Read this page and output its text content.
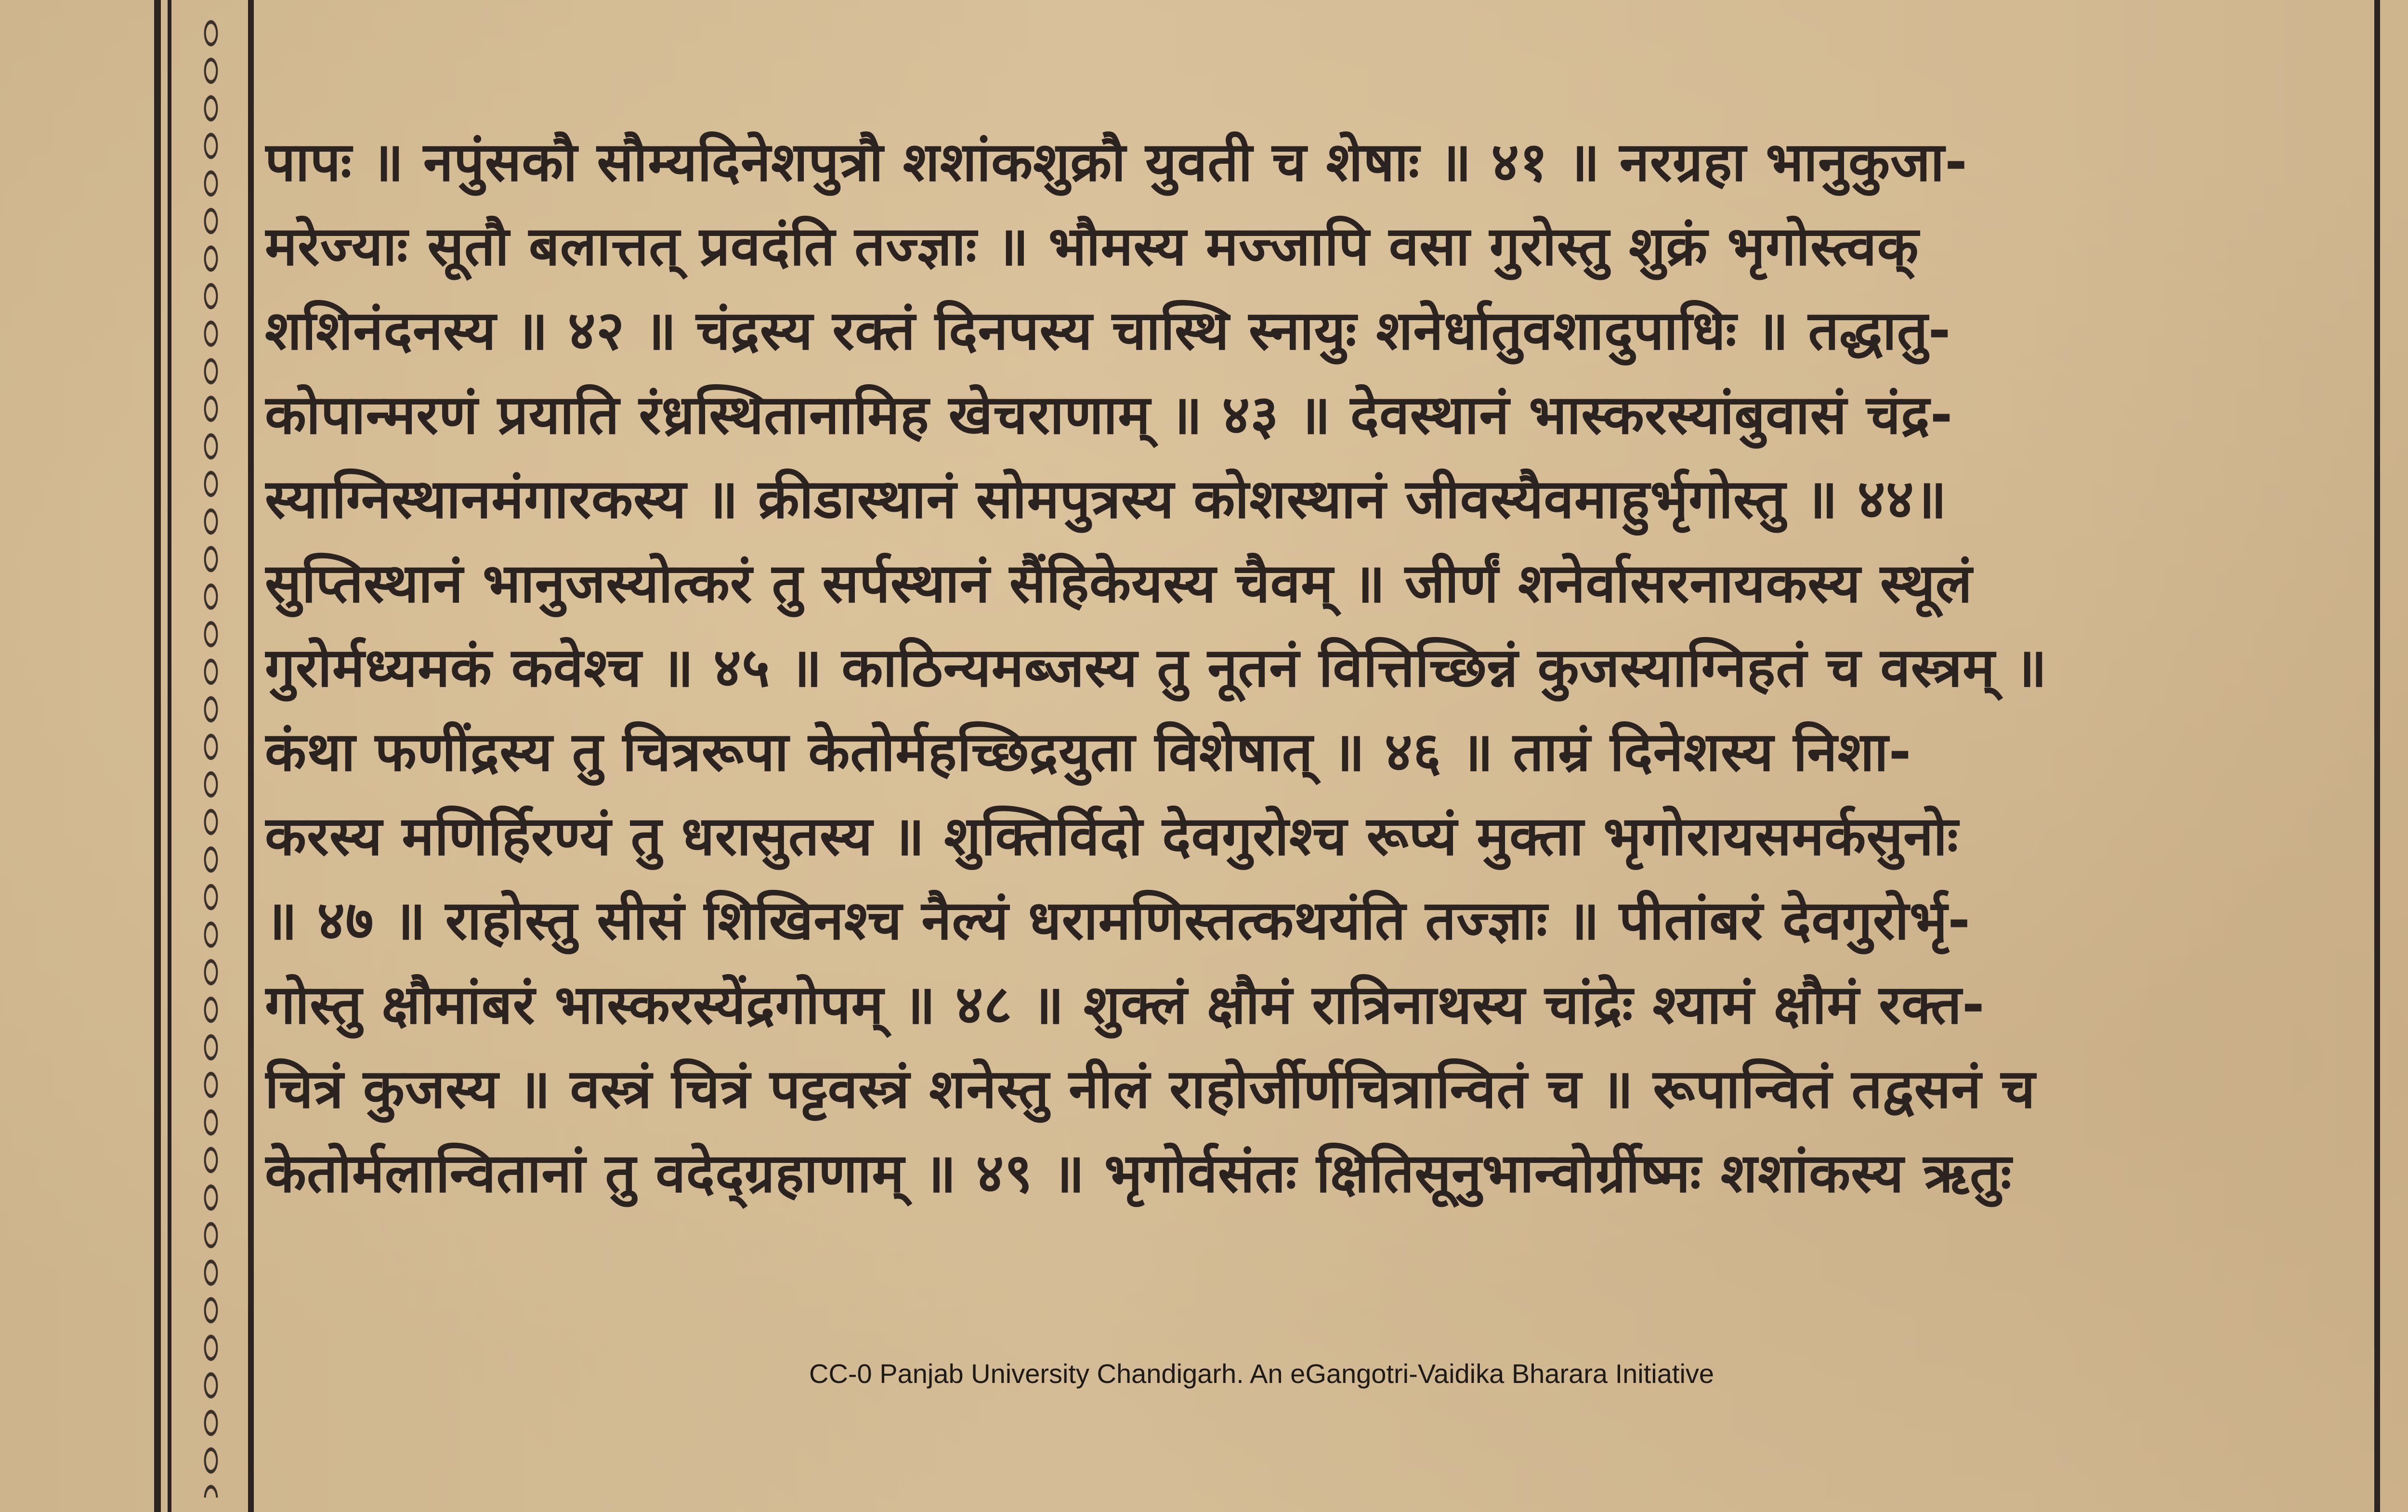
पापः ॥ नपुंसकौ सौम्यदिनेशपुत्रौ शशांकशुक्रौ युवती च शेषाः ॥ ४१ ॥ नरग्रहा भानुकुजा-
मरेज्याः सूतौ बलात्तत् प्रवदंति तज्ज्ञाः ॥ भौमस्य मज्जापि वसा गुरोस्तु शुक्रं भृगोस्त्वक्
शशिनंदनस्य ॥ ४२ ॥ चंद्रस्य रक्तं दिनपस्य चास्थि स्नायुः शनेर्धातुवशादुपाधिः ॥ तद्धातु-
कोपान्मरणं प्रयाति रंध्रस्थितानामिह खेचराणाम् ॥ ४३ ॥ देवस्थानं भास्करस्यांबुवासं चंद्र-
स्याग्निस्थानमंगारकस्य ॥ क्रीडास्थानं सोमपुत्रस्य कोशस्थानं जीवस्यैवमाहुर्भृगोस्तु ॥ ४४॥
सुप्तिस्थानं भानुजस्योत्करं तु सर्पस्थानं सैंहिकेयस्य चैवम् ॥ जीर्णं शनेर्वासरनायकस्य स्थूलं
गुरोर्मध्यमकं कवेश्च ॥ ४५ ॥ काठिन्यमब्जस्य तु नूतनं वित्तिच्छिन्नं कुजस्याग्निहतं च वस्त्रम् ॥
कंथा फणींद्रस्य तु चित्ररूपा केतोर्महच्छिद्रयुता विशेषात् ॥ ४६ ॥ ताम्रं दिनेशस्य निशा-
करस्य मणिर्हिरण्यं तु धरासुतस्य ॥ शुक्तिर्विदो देवगुरोश्च रूप्यं मुक्ता भृगोरायसमर्कसुनोः
॥ ४७ ॥ राहोस्तु सीसं शिखिनश्च नैल्यं धरामणिस्तत्कथयंति तज्ज्ञाः ॥ पीतांबरं देवगुरोर्भृ-
गोस्तु क्षौमांबरं भास्करस्येंद्रगोपम् ॥ ४८ ॥ शुक्लं क्षौमं रात्रिनाथस्य चांद्रेः श्यामं क्षौमं रक्त-
चित्रं कुजस्य ॥ वस्त्रं चित्रं पट्टवस्त्रं शनेस्तु नीलं राहोर्जीर्णचित्रान्वितं च ॥ रूपान्वितं तद्वसनं च
केतोर्मलान्वितानां तु वदेद्ग्रहाणाम् ॥ ४९ ॥ भृगोर्वसंतः क्षितिसूनुभान्वोर्ग्रीष्मः शशांकस्य ऋतुः
CC-0 Panjab University Chandigarh. An eGangotri-Vaidika Bharara Initiative
